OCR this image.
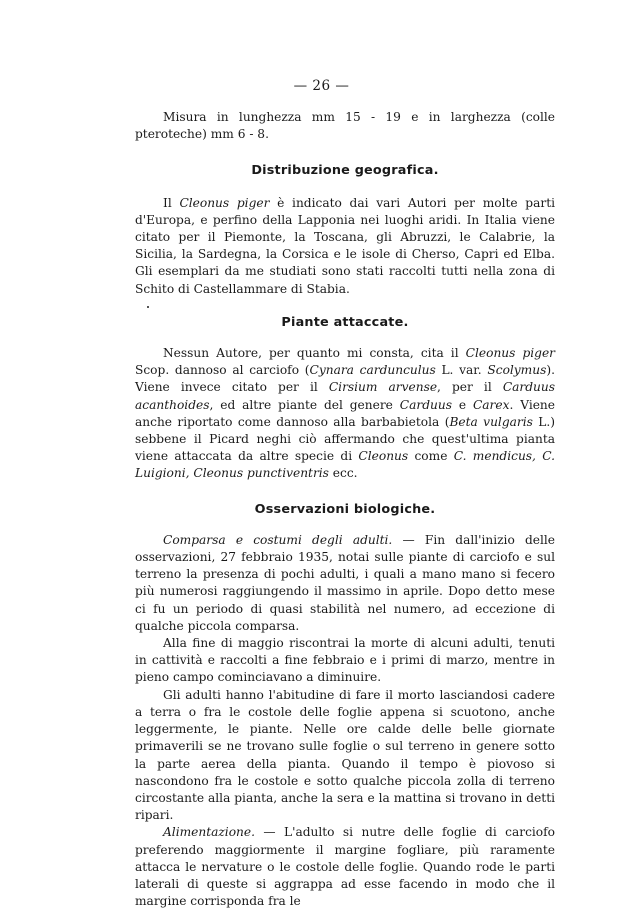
— 26 —

Misura in lunghezza mm 15 - 19 e in larghezza (colle pteroteche) mm 6 - 8.

Distribuzione geografica.

Il Cleonus piger è indicato dai vari Autori per molte parti d'Europa, e perfino della Lapponia nei luoghi aridi. In Italia viene citato per il Piemonte, la Toscana, gli Abruzzi, le Calabrie, la Sicilia, la Sardegna, la Corsica e le isole di Cherso, Capri ed Elba. Gli esemplari da me studiati sono stati raccolti tutti nella zona di Schito di Castellammare di Stabia.

Piante attaccate.

Nessun Autore, per quanto mi consta, cita il Cleonus piger Scop. dannoso al carciofo (Cynara cardunculus L. var. Scolymus). Viene invece citato per il Cirsium arvense, per il Carduus acanthoides, ed altre piante del genere Carduus e Carex. Viene anche riportato come dannoso alla barbabietola (Beta vulgaris L.) sebbene il Picard neghi ciò affermando che quest'ultima pianta viene attaccata da altre specie di Cleonus come C. mendicus, C. Luigioni, Cleonus punctiventris ecc.

Osservazioni biologiche.

Comparsa e costumi degli adulti. — Fin dall'inizio delle osservazioni, 27 febbraio 1935, notai sulle piante di carciofo e sul terreno la presenza di pochi adulti, i quali a mano mano si fecero più numerosi raggiungendo il massimo in aprile. Dopo detto mese ci fu un periodo di quasi stabilità nel numero, ad eccezione di qualche piccola comparsa.

Alla fine di maggio riscontrai la morte di alcuni adulti, tenuti in cattività e raccolti a fine febbraio e i primi di marzo, mentre in pieno campo cominciavano a diminuire.

Gli adulti hanno l'abitudine di fare il morto lasciandosi cadere a terra o fra le costole delle foglie appena si scuotono, anche leggermente, le piante. Nelle ore calde delle belle giornate primaverili se ne trovano sulle foglie o sul terreno in genere sotto la parte aerea della pianta. Quando il tempo è piovoso si nascondono fra le costole e sotto qualche piccola zolla di terreno circostante alla pianta, anche la sera e la mattina si trovano in detti ripari.

Alimentazione. — L'adulto si nutre delle foglie di carciofo preferendo maggiormente il margine fogliare, più raramente attacca le nervature o le costole delle foglie. Quando rode le parti laterali di queste si aggrappa ad esse facendo in modo che il margine corrisponda fra le
